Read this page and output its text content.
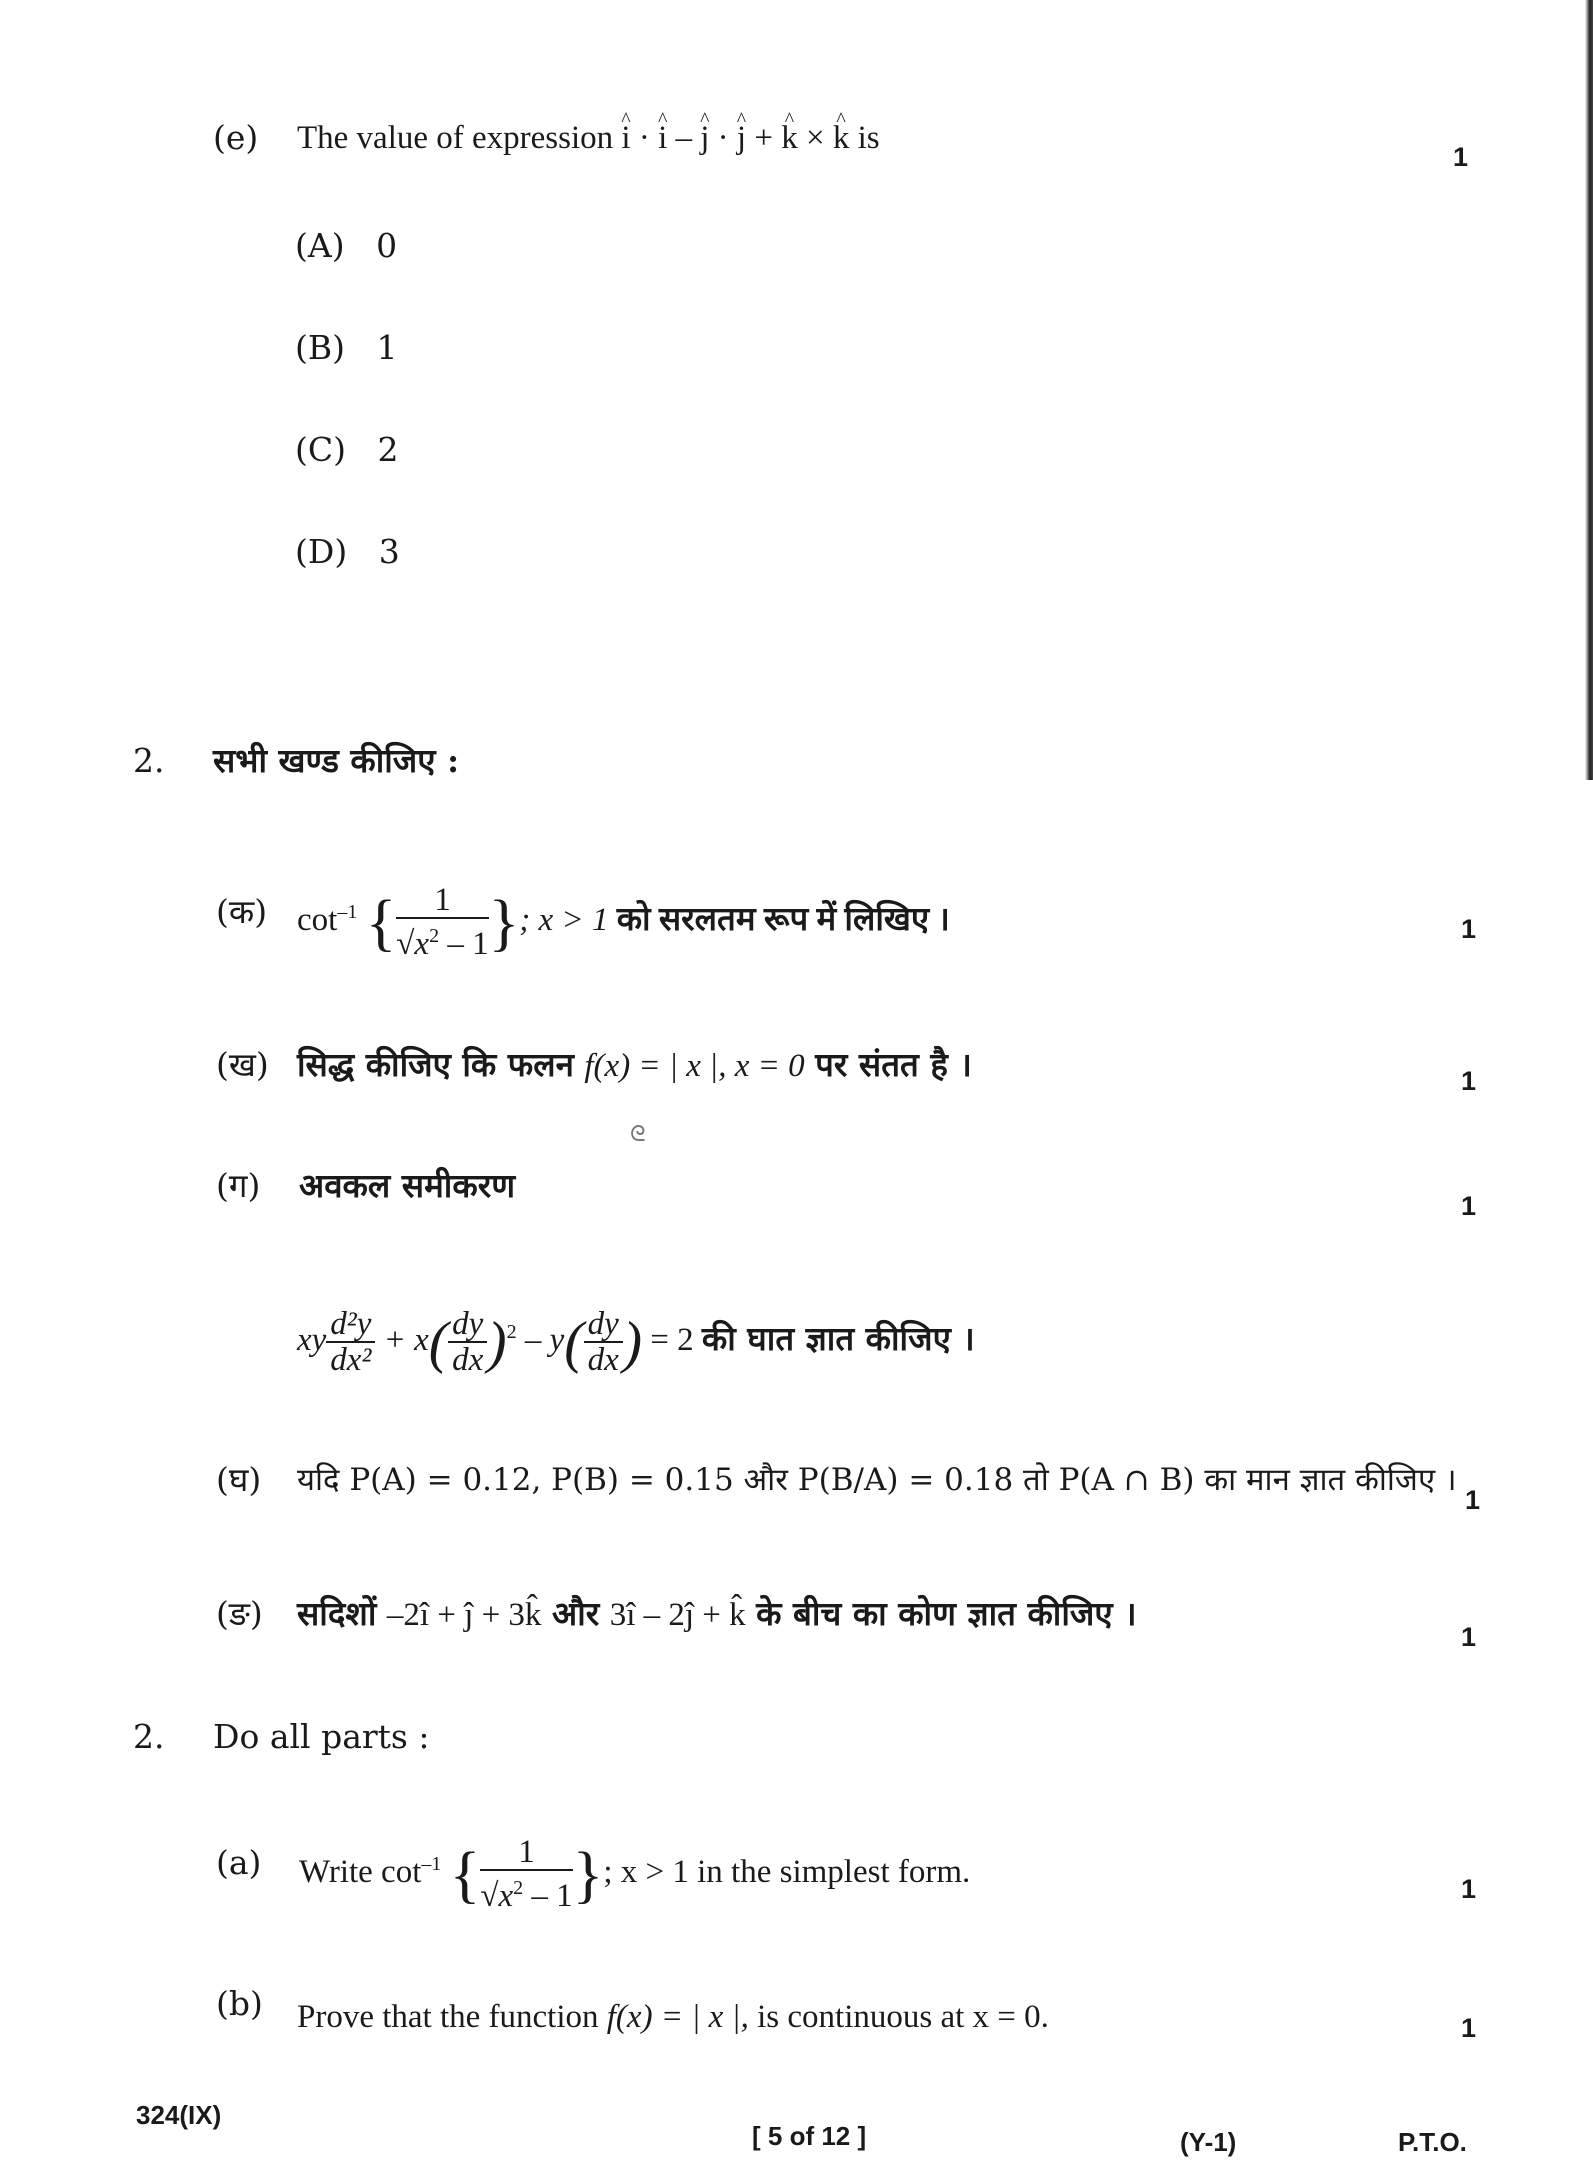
(e) The value of expression ^ i · ^ i – ^ j · ^ j + ^ k × ^ k is
1
(A) 0
(B) 1
(C) 2
(D) 3
2. सभी खण्ड कीजिए :
(क) $\cot^{-1}$ { $\frac{1}{√x^2 - 1}$ }; x > 1 को सरलतम रूप में लिखिए ।	1
(ख) सिद्ध कीजिए कि फलन f(x) = | x |, x = 0 पर संतत है ।	1
ᘓ
(ग) अवकल समीकरण
1
xy $\frac{\text{d²y}}{\text{dx²}} + x( \frac{dy}{dx} )^2 - y( \frac{dy}{dx}$ ) = 2 की घात ज्ञात कीजिए ।
(घ) यदि P(A) = 0.12, P(B) = 0.15 और P(B/A) = 0.18 तो P(A ∩ B) का मान ज्ञात कीजिए ।
1
(ङ) सदिशों –2î + ĵ + 3k̂ और 3î – 2ĵ + k̂ के बीच का कोण ज्ञात कीजिए ।
1
2. Do all parts :
(a) Write $\cot^{-1}$ { $\frac{1}{√x^2 - 1}$ }; x > 1 in the simplest form.	1
(b) Prove that the function f(x) = | x |, is continuous at x = 0.	1
324(IX)
[ 5 of 12 ]	(Y-1)	P.T.O.
